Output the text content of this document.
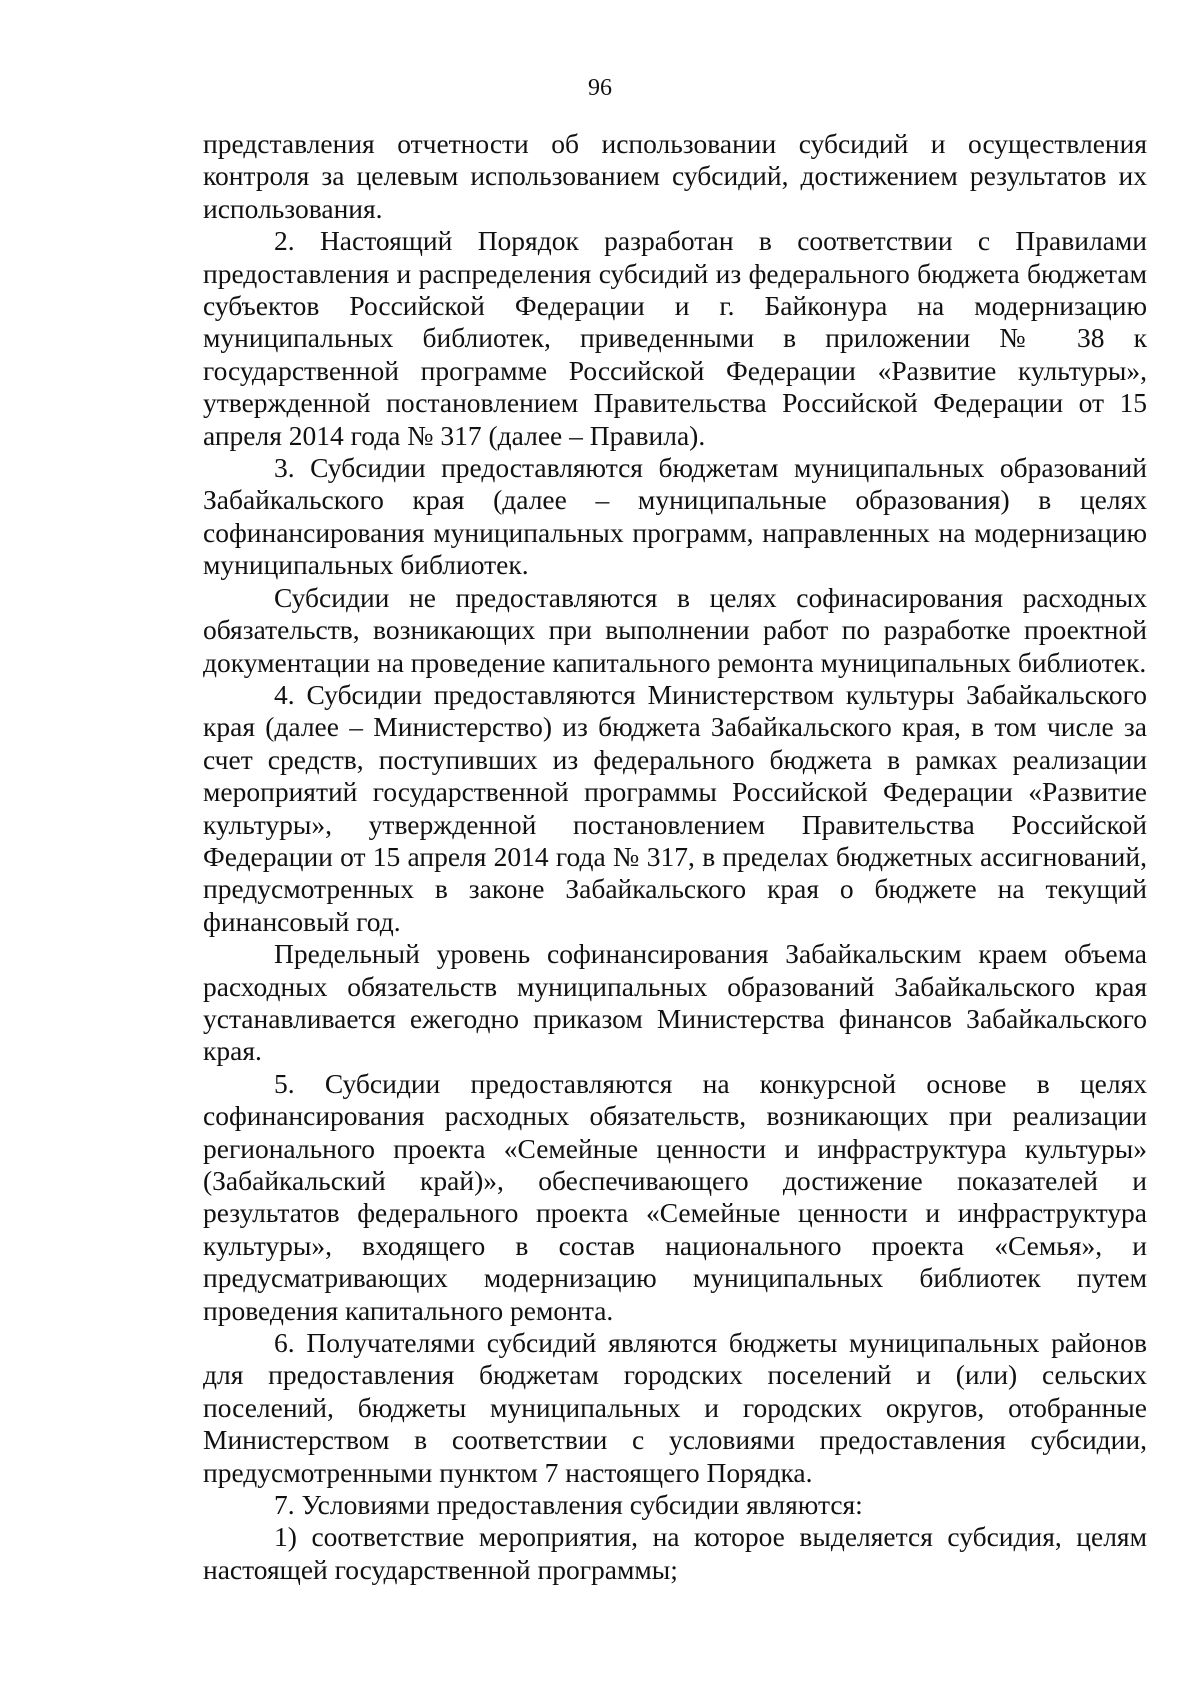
96

представления отчетности об использовании субсидий и осуществления контроля за целевым использованием субсидий, достижением результатов их использования.

2. Настоящий Порядок разработан в соответствии с Правилами предоставления и распределения субсидий из федерального бюджета бюджетам субъектов Российской Федерации и г. Байконура на модернизацию муниципальных библиотек, приведенными в приложении № 38 к государственной программе Российской Федерации «Развитие культуры», утвержденной постановлением Правительства Российской Федерации от 15 апреля 2014 года № 317 (далее – Правила).

3. Субсидии предоставляются бюджетам муниципальных образований Забайкальского края (далее – муниципальные образования) в целях софинансирования муниципальных программ, направленных на модернизацию муниципальных библиотек.

Субсидии не предоставляются в целях софинасирования расходных обязательств, возникающих при выполнении работ по разработке проектной документации на проведение капитального ремонта муниципальных библиотек.

4. Субсидии предоставляются Министерством культуры Забайкальского края (далее – Министерство) из бюджета Забайкальского края, в том числе за счет средств, поступивших из федерального бюджета в рамках реализации мероприятий государственной программы Российской Федерации «Развитие культуры», утвержденной постановлением Правительства Российской Федерации от 15 апреля 2014 года № 317, в пределах бюджетных ассигнований, предусмотренных в законе Забайкальского края о бюджете на текущий финансовый год.

Предельный уровень софинансирования Забайкальским краем объема расходных обязательств муниципальных образований Забайкальского края устанавливается ежегодно приказом Министерства финансов Забайкальского края.

5. Субсидии предоставляются на конкурсной основе в целях софинансирования расходных обязательств, возникающих при реализации регионального проекта «Семейные ценности и инфраструктура культуры» (Забайкальский край)», обеспечивающего достижение показателей и результатов федерального проекта «Семейные ценности и инфраструктура культуры», входящего в состав национального проекта «Семья», и предусматривающих модернизацию муниципальных библиотек путем проведения капитального ремонта.

6. Получателями субсидий являются бюджеты муниципальных районов для предоставления бюджетам городских поселений и (или) сельских поселений, бюджеты муниципальных и городских округов, отобранные Министерством в соответствии с условиями предоставления субсидии, предусмотренными пунктом 7 настоящего Порядка.

7. Условиями предоставления субсидии являются:

1) соответствие мероприятия, на которое выделяется субсидия, целям настоящей государственной программы;
